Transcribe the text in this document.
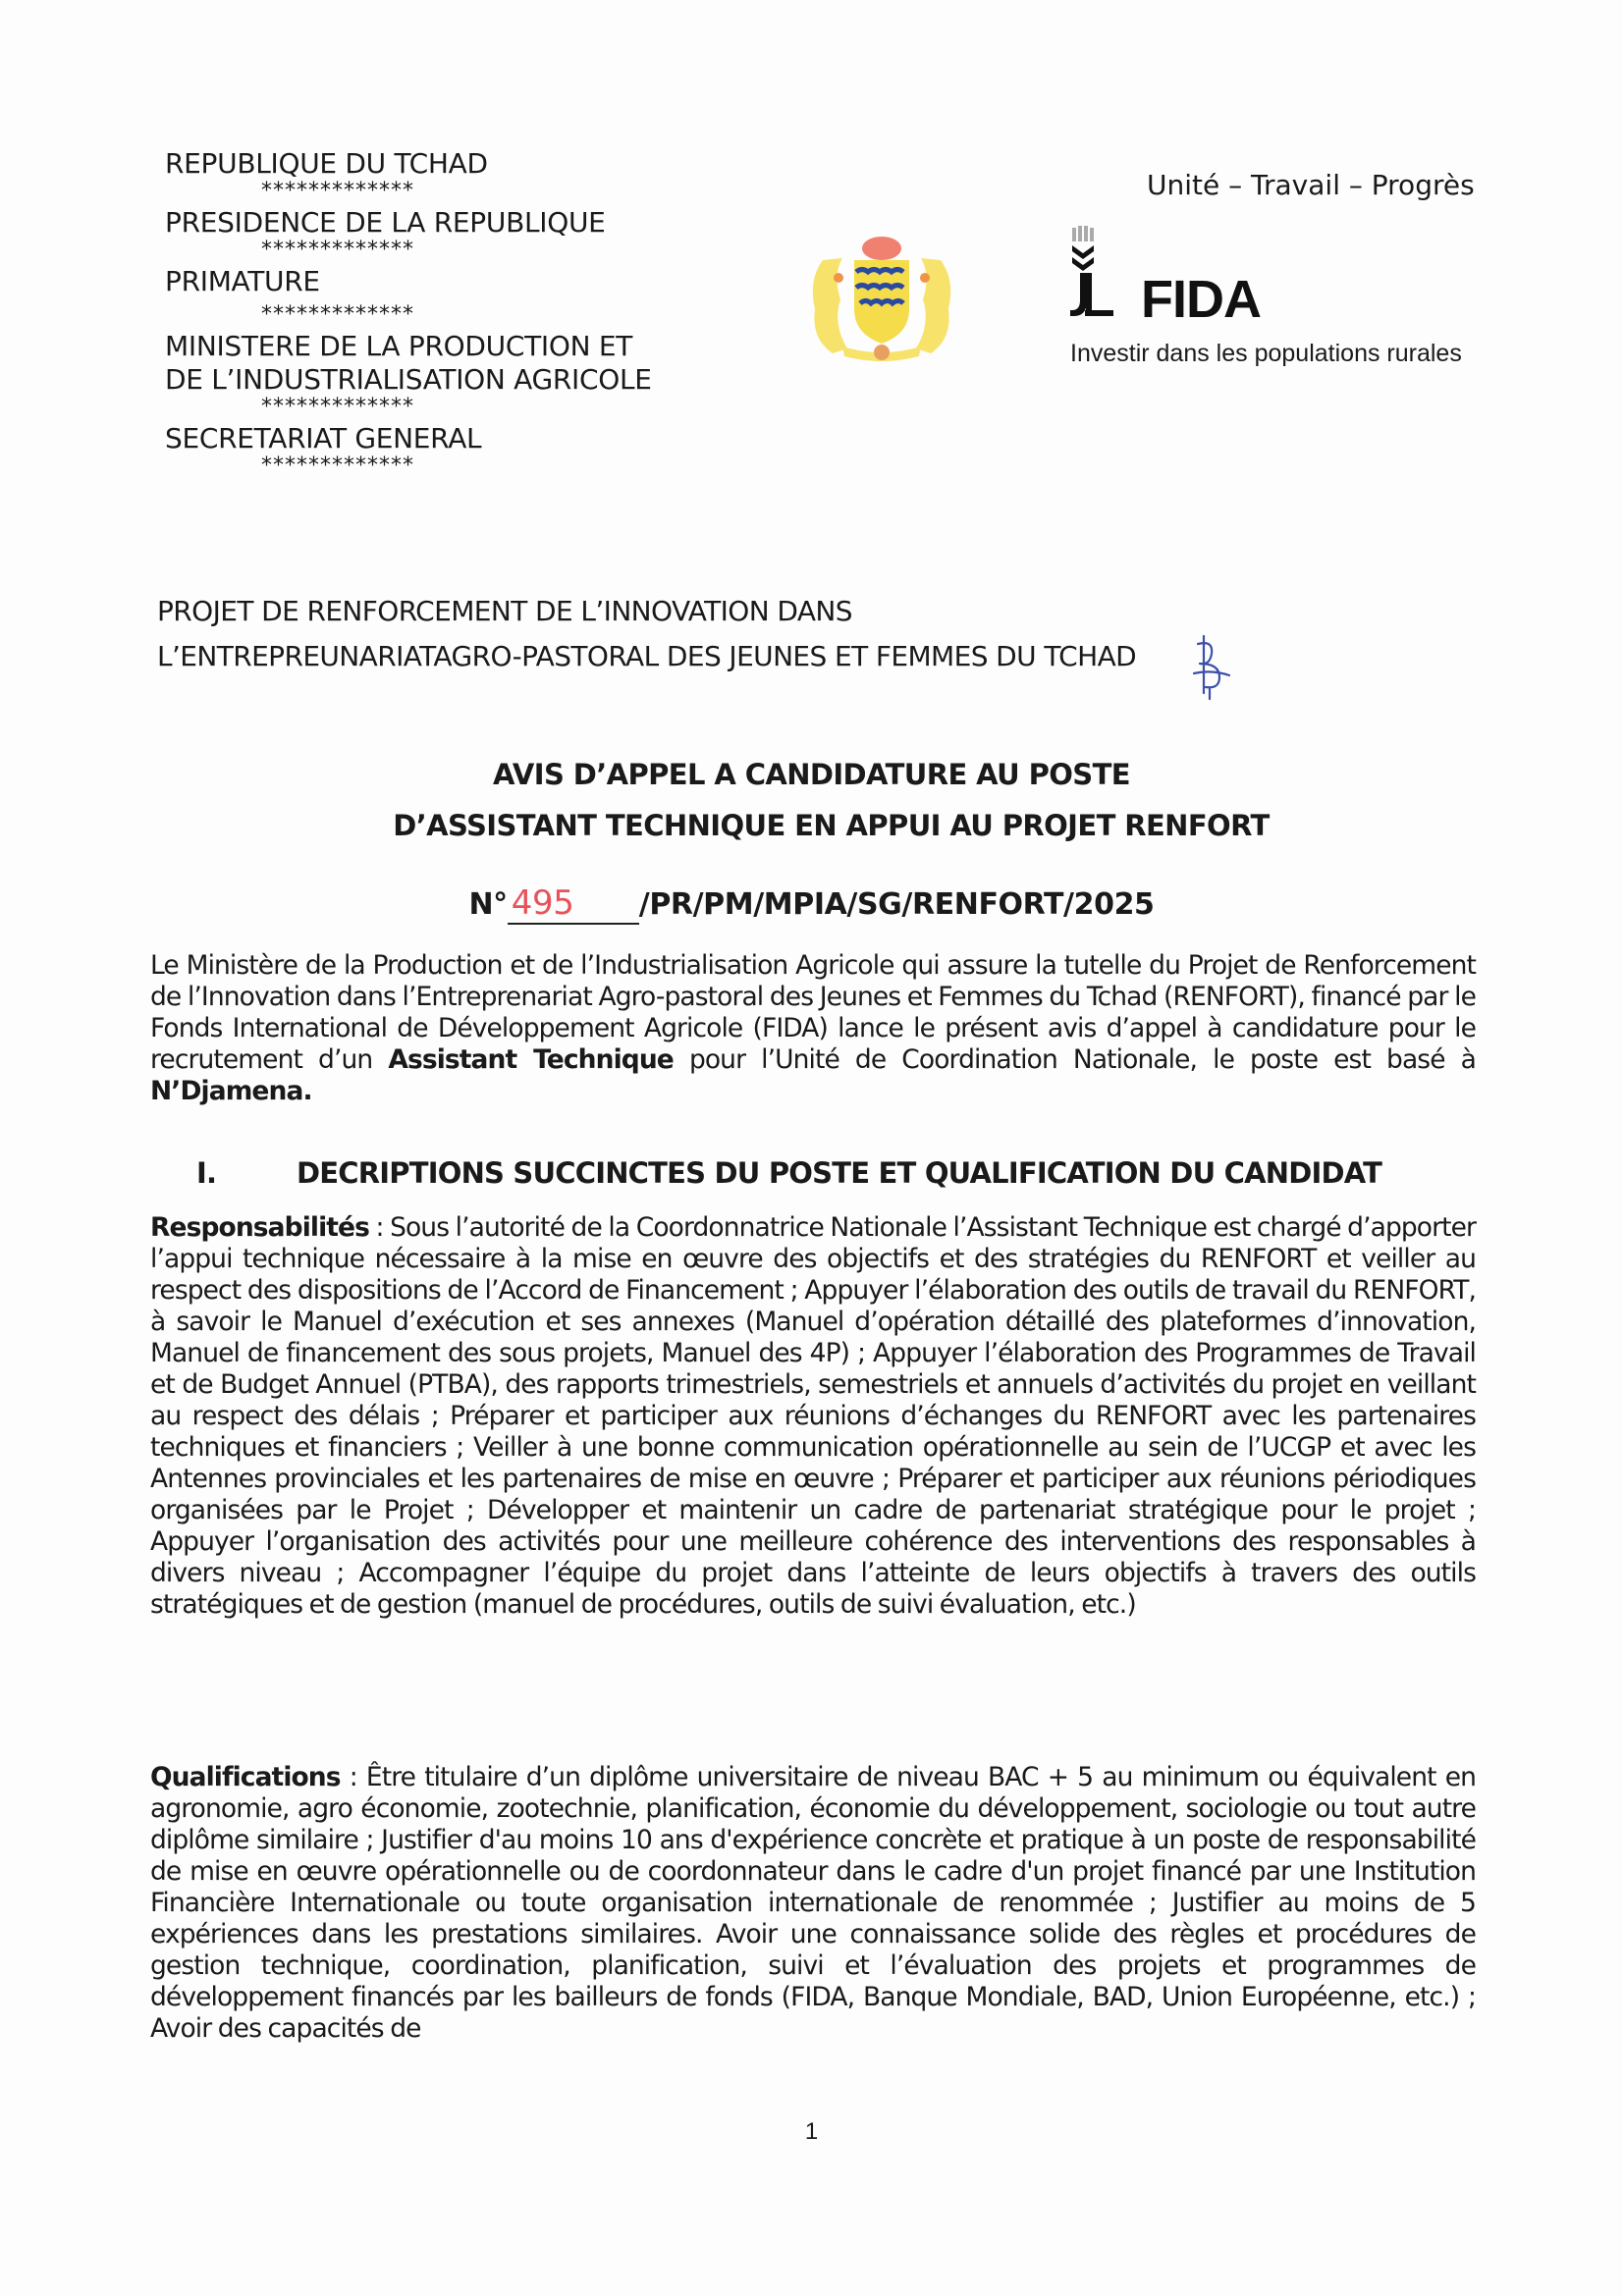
REPUBLIQUE DU TCHAD
*************
PRESIDENCE DE LA REPUBLIQUE
*************
PRIMATURE
*************
MINISTERE DE LA PRODUCTION ET
DE L’INDUSTRIALISATION AGRICOLE
*************
SECRETARIAT GENERAL
*************
Unité – Travail – Progrès
FIDA
Investir dans les populations rurales
PROJET DE RENFORCEMENT DE L’INNOVATION DANS
L’ENTREPREUNARIATAGRO-PASTORAL DES JEUNES ET FEMMES DU TCHAD
AVIS D’APPEL A CANDIDATURE AU POSTE
D’ASSISTANT TECHNIQUE EN APPUI AU PROJET RENFORT
N° 495 /PR/PM/MPIA/SG/RENFORT/2025
Le Ministère de la Production et de l’Industrialisation Agricole qui assure la tutelle du Projet de Renforcement de l’Innovation dans l’Entreprenariat Agro-pastoral des Jeunes et Femmes du Tchad (RENFORT), financé par le Fonds International de Développement Agricole (FIDA) lance le présent avis d’appel à candidature pour le recrutement d’un Assistant Technique pour l’Unité de Coordination Nationale, le poste est basé à N’Djamena.
I.	DECRIPTIONS SUCCINCTES DU POSTE ET QUALIFICATION DU CANDIDAT
Responsabilités : Sous l’autorité de la Coordonnatrice Nationale l’Assistant Technique est chargé d’apporter l’appui technique nécessaire à la mise en œuvre des objectifs et des stratégies du RENFORT et veiller au respect des dispositions de l’Accord de Financement ; Appuyer l’élaboration des outils de travail du RENFORT, à savoir le Manuel d’exécution et ses annexes (Manuel d’opération détaillé des plateformes d’innovation, Manuel de financement des sous projets, Manuel des 4P) ; Appuyer l’élaboration des Programmes de Travail et de Budget Annuel (PTBA), des rapports trimestriels, semestriels et annuels d’activités du projet en veillant au respect des délais ; Préparer et participer aux réunions d’échanges du RENFORT avec les partenaires techniques et financiers ; Veiller à une bonne communication opérationnelle au sein de l’UCGP et avec les Antennes provinciales et les partenaires de mise en œuvre ; Préparer et participer aux réunions périodiques organisées par le Projet ; Développer et maintenir un cadre de partenariat stratégique pour le projet ; Appuyer l’organisation des activités pour une meilleure cohérence des interventions des responsables à divers niveau ; Accompagner l’équipe du projet dans l’atteinte de leurs objectifs à travers des outils stratégiques et de gestion (manuel de procédures, outils de suivi évaluation, etc.)
Qualifications : Être titulaire d’un diplôme universitaire de niveau BAC + 5 au minimum ou équivalent en agronomie, agro économie, zootechnie, planification, économie du développement, sociologie ou tout autre diplôme similaire ; Justifier d'au moins 10 ans d'expérience concrète et pratique à un poste de responsabilité de mise en œuvre opérationnelle ou de coordonnateur dans le cadre d'un projet financé par une Institution Financière Internationale ou toute organisation internationale de renommée ; Justifier au moins de 5 expériences dans les prestations similaires. Avoir une connaissance solide des règles et procédures de gestion technique, coordination, planification, suivi et l’évaluation des projets et programmes de développement financés par les bailleurs de fonds (FIDA, Banque Mondiale, BAD, Union Européenne, etc.) ; Avoir des capacités de
1
